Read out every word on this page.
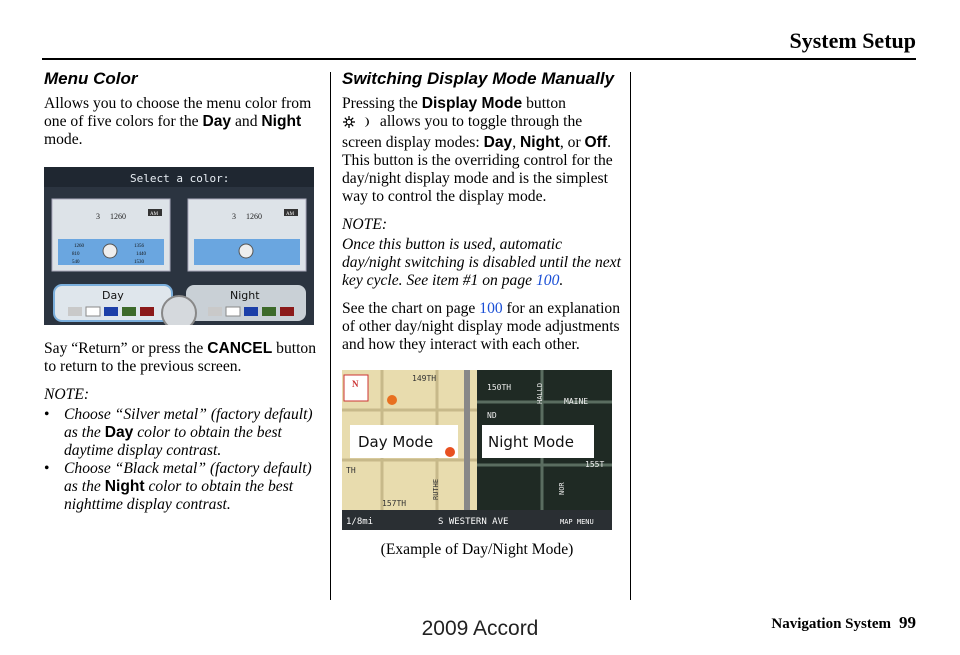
System Setup
Menu Color

Allows you to choose the menu color from one of five colors for the Day and Night mode.

Select a color:
3 1260	AM
1260	1356
810	1440
540	1530
3 1260	AM
Day	Night

Say “Return” or press the CANCEL button to return to the previous screen.

NOTE:

• Choose “Silver metal” (factory default) as the Day color to obtain the best daytime display contrast.
• Choose “Black metal” (factory default) as the Night color to obtain the best nighttime display contrast.
Switching Display Mode Manually

Pressing the Display Mode button
allows you to toggle through the screen display modes: Day, Night, or Off. This button is the overriding control for the day/night display mode and is the simplest way to control the display mode.

NOTE:

Once this button is used, automatic day/night switching is disabled until the next key cycle. See item #1 on page 100.

See the chart on page 100 for an explanation of other day/night display mode adjustments and how they interact with each other.

N
149TH
150TH
ND
MAINE
155T
TH
157TH
RUTHE	NOR
HALLD
Day Mode	Night Mode
1/8mi	S WESTERN AVE	MAP MENU
(Example of Day/Night Mode)
Navigation System 99
2009 Accord
